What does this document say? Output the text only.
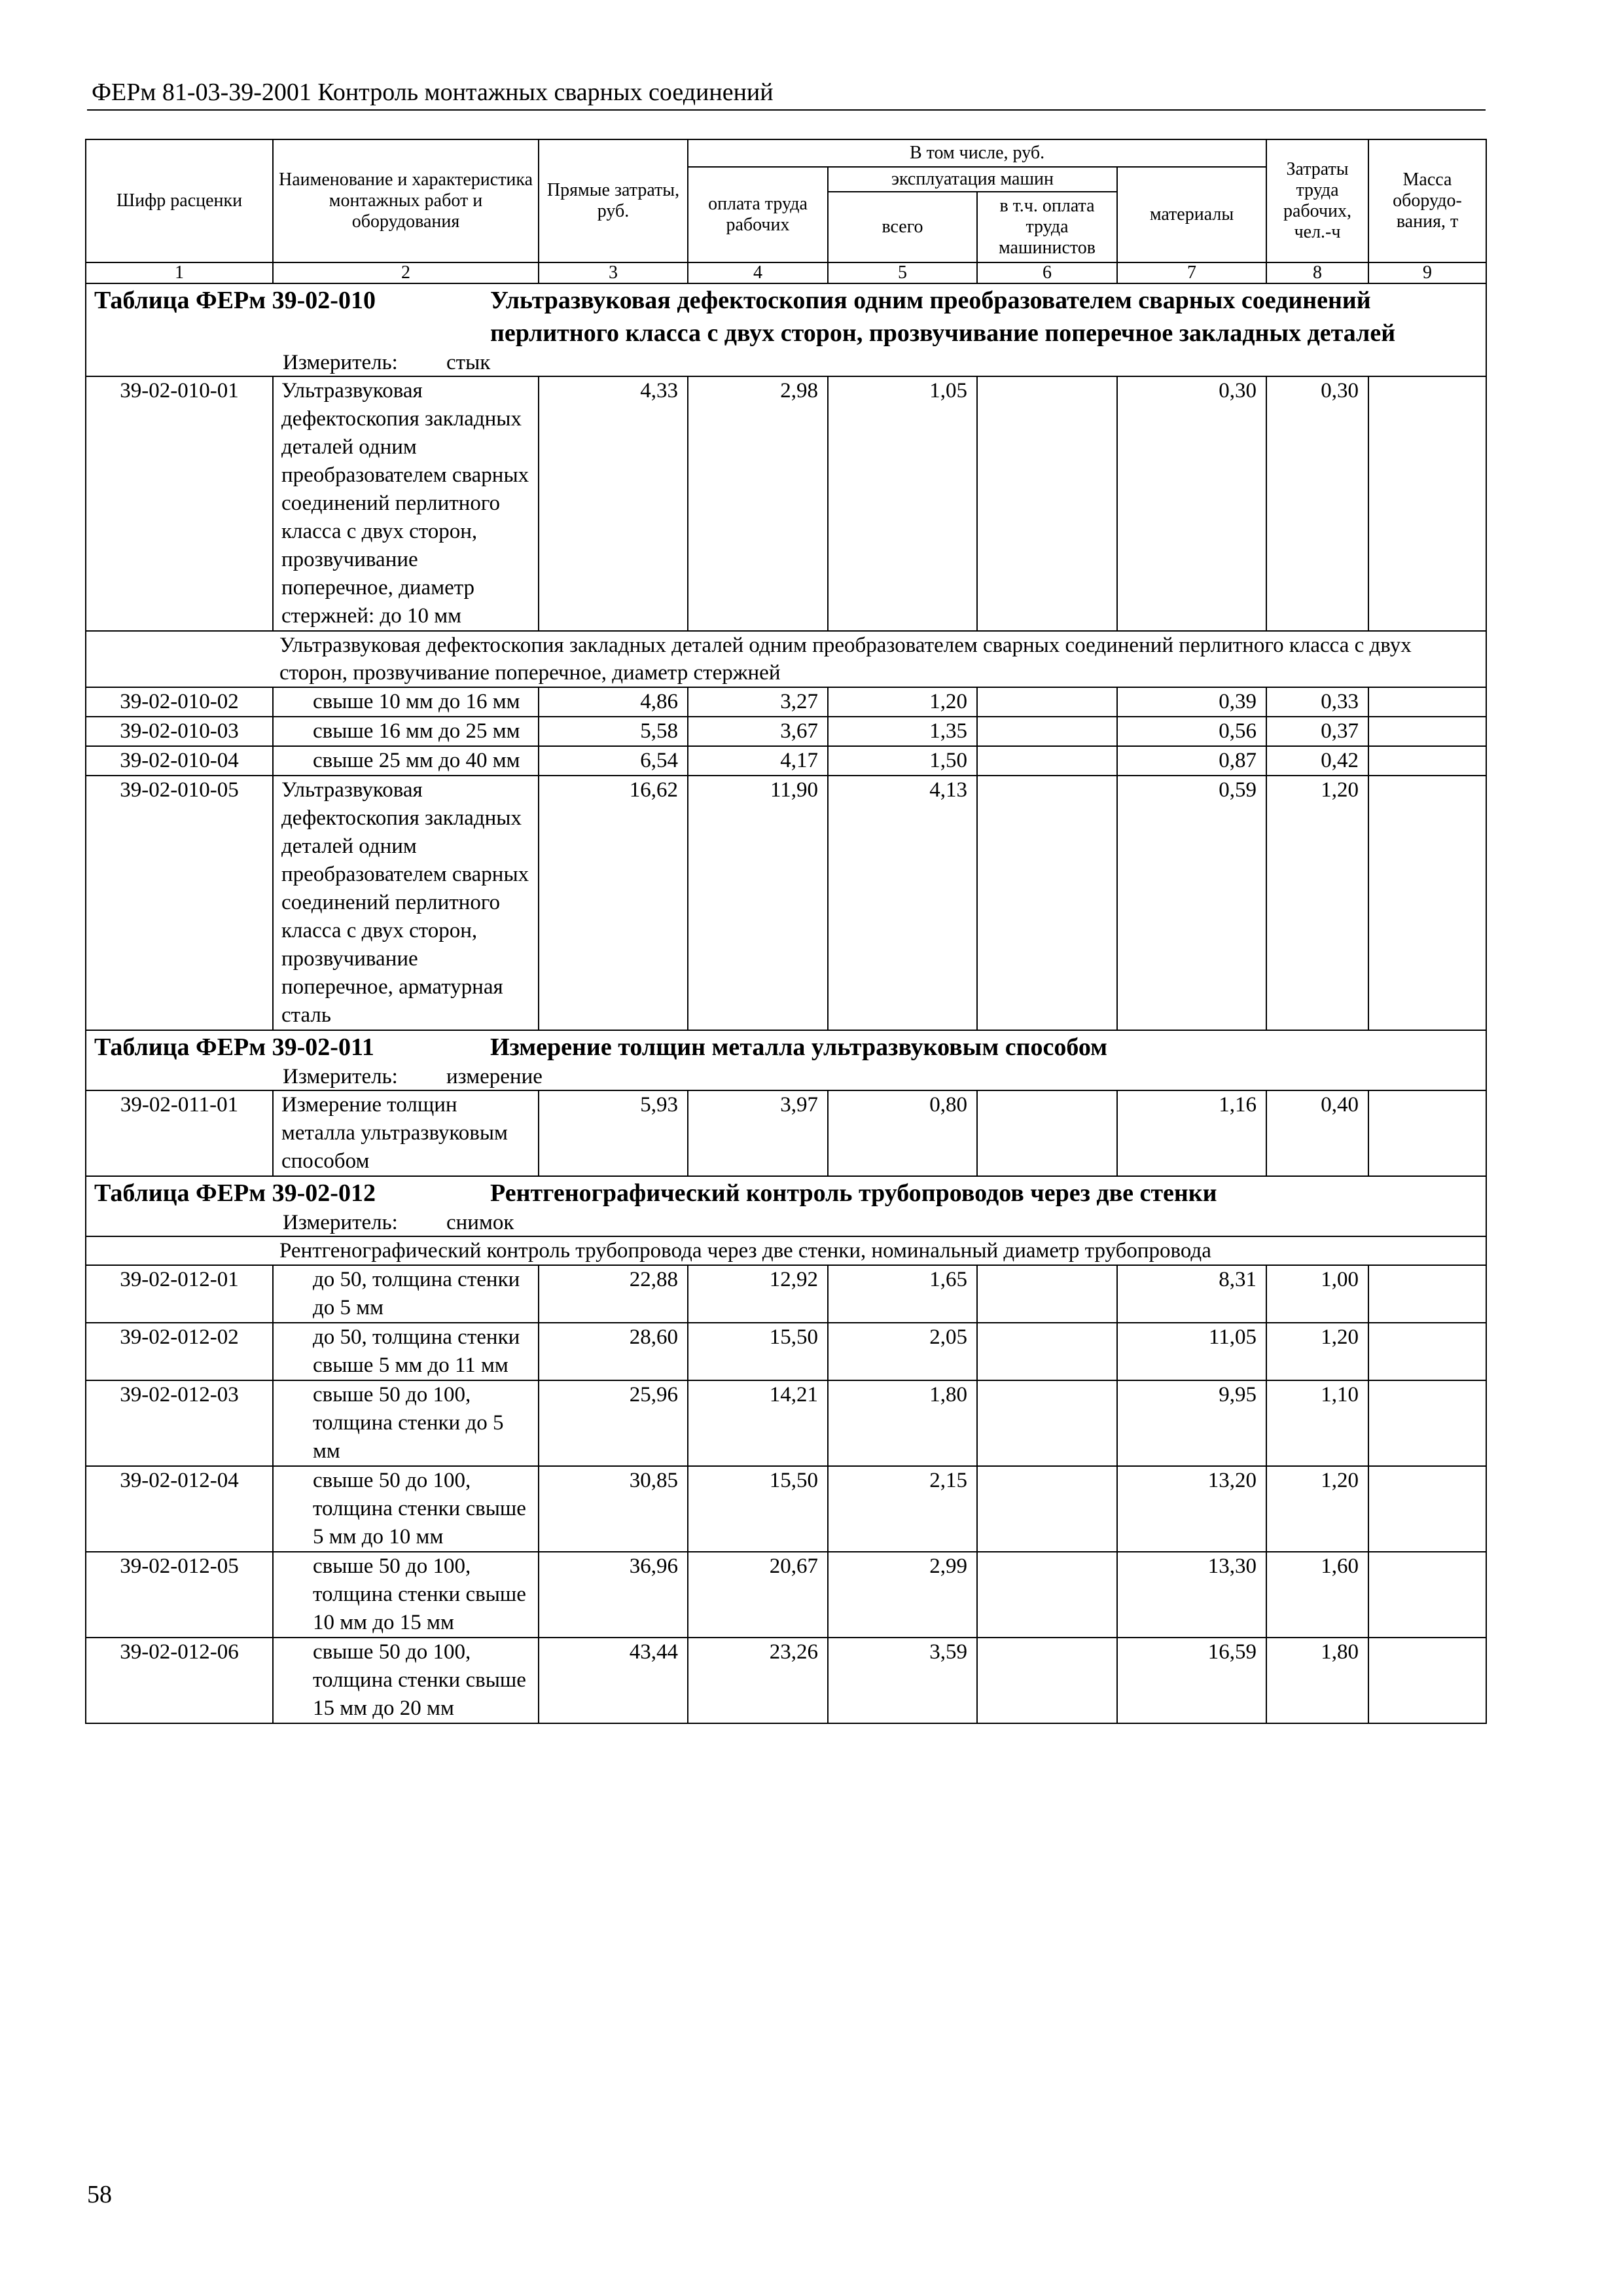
ФЕРм 81-03-39-2001 Контроль монтажных сварных соединений
Шифр расценки	Наименование и характеристика монтажных работ и оборудования	Прямые затраты, руб.	В том числе, руб.				Затраты труда рабочих, чел.-ч	Масса оборудо-вания, т
			оплата труда рабочих	эксплуатация машин		материалы		
				всего	в т.ч. оплата труда машинистов			
1	2	3	4	5	6	7	8	9

Таблица ФЕРм 39-02-010 Ультразвуковая дефектоскопия одним преобразователем сварных соединений перлитного класса с двух сторон, прозвучивание поперечное закладных деталей
Измеритель: стык								

39-02-010-01	Ультразвуковая дефектоскопия закладных деталей одним преобразователем сварных соединений перлитного класса с двух сторон, прозвучивание поперечное, диаметр стержней: до 10 мм	4,33	2,98	1,05		0,30	0,30	
Ультразвуковая дефектоскопия закладных деталей одним преобразователем сварных соединений перлитного класса с двух сторон, прозвучивание поперечное, диаметр стержней								
39-02-010-02	свыше 10 мм до 16 мм	4,86	3,27	1,20		0,39	0,33	
39-02-010-03	свыше 16 мм до 25 мм	5,58	3,67	1,35		0,56	0,37	
39-02-010-04	свыше 25 мм до 40 мм	6,54	4,17	1,50		0,87	0,42	
39-02-010-05	Ультразвуковая дефектоскопия закладных деталей одним преобразователем сварных соединений перлитного класса с двух сторон, прозвучивание поперечное, арматурная сталь	16,62	11,90	4,13		0,59	1,20	

Таблица ФЕРм 39-02-011 Измерение толщин металла ультразвуковым способом
Измеритель: измерение								

39-02-011-01	Измерение толщин металла ультразвуковым способом	5,93	3,97	0,80		1,16	0,40	

Таблица ФЕРм 39-02-012 Рентгенографический контроль трубопроводов через две стенки
Измеритель: снимок								

Рентгенографический контроль трубопровода через две стенки, номинальный диаметр трубопровода								
39-02-012-01	до 50, толщина стенки до 5 мм	22,88	12,92	1,65		8,31	1,00	
39-02-012-02	до 50, толщина стенки свыше 5 мм до 11 мм	28,60	15,50	2,05		11,05	1,20	
39-02-012-03	свыше 50 до 100, толщина стенки до 5 мм	25,96	14,21	1,80		9,95	1,10	
39-02-012-04	свыше 50 до 100, толщина стенки свыше 5 мм до 10 мм	30,85	15,50	2,15		13,20	1,20	
39-02-012-05	свыше 50 до 100, толщина стенки свыше 10 мм до 15 мм	36,96	20,67	2,99		13,30	1,60	
39-02-012-06	свыше 50 до 100, толщина стенки свыше 15 мм до 20 мм	43,44	23,26	3,59		16,59	1,80	
58
